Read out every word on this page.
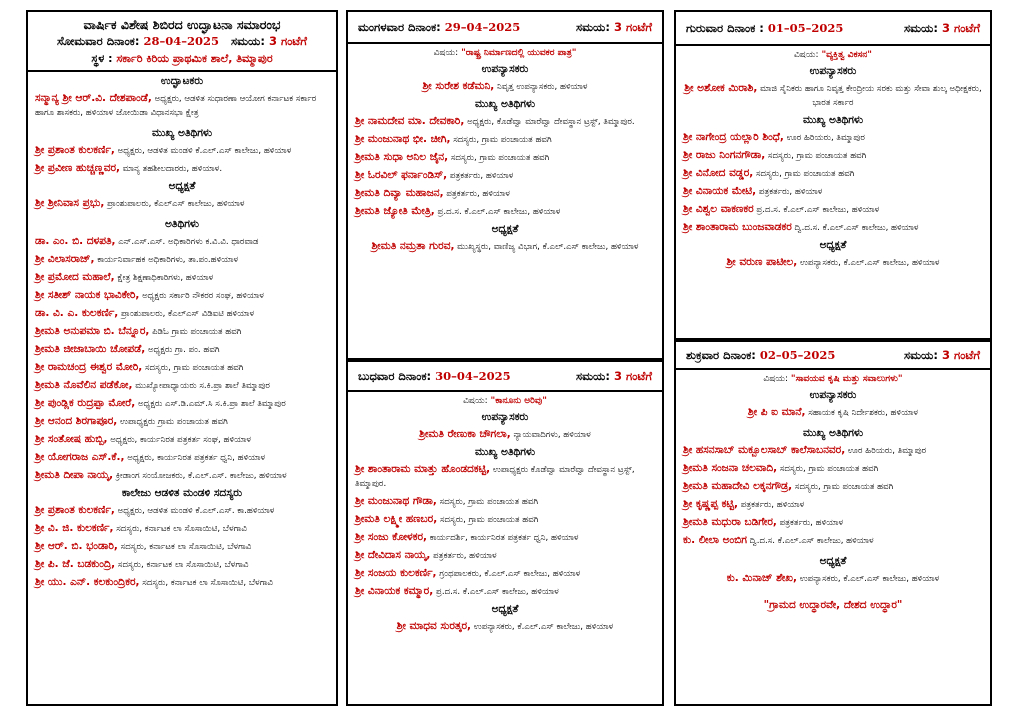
ವಾರ್ಷಿಕ ವಿಶೇಷ ಶಿಬಿರದ ಉದ್ಘಾಟನಾ ಸಮಾರಂಭ
ಸೋಮವಾರ ದಿನಾಂಕ: 28–04–2025 ಸಮಯ: 3 ಗಂಟೆಗೆ
ಸ್ಥಳ : ಸರ್ಕಾರಿ ಕಿರಿಯ ಪ್ರಾಥಮಿಕ ಶಾಲೆ, ತಿಮ್ಮಾಪುರ
ಉದ್ಘಾಟಕರು
ಸನ್ಮಾನ್ಯ ಶ್ರೀ ಆರ್.ವಿ. ದೇಶಪಾಂಡೆ, ಅಧ್ಯಕ್ಷರು, ಆಡಳಿತ ಸುಧಾರಣಾ ಆಯೋಗ ಕರ್ನಾಟಕ ಸರ್ಕಾರ ಹಾಗೂ ಶಾಸಕರು, ಹಳಿಯಾಳ ಜೋಯಿಡಾ ವಿಧಾನಸಭಾ ಕ್ಷೇತ್ರ
ಮುಖ್ಯ ಅತಿಥಿಗಳು
ಶ್ರೀ ಪ್ರಶಾಂತ ಕುಲಕರ್ಣಿ, ಅಧ್ಯಕ್ಷರು, ಆಡಳಿತ ಮಂಡಳಿ ಕೆ.ಎಲ್.ಎಸ್ ಕಾಲೇಜು, ಹಳಿಯಾಳ
ಶ್ರೀ ಪ್ರವೀಣ ಹುಚ್ಚಣ್ಣವರ, ಮಾನ್ಯ ತಹಶೀಲದಾರರು, ಹಳಿಯಾಳ.
ಅಧ್ಯಕ್ಷತೆ
ಶ್ರೀ ಶ್ರೀನಿವಾಸ ಪ್ರಭು, ಪ್ರಾಂಶುಪಾಲರು, ಕೆಎಲ್ಎಸ್ ಕಾಲೇಜು, ಹಳಿಯಾಳ
ಅತಿಥಿಗಳು
ಡಾ. ಎಂ. ಬಿ. ದಳಪತಿ, ಎನ್.ಎಸ್.ಎಸ್. ಅಧಿಕಾರಿಗಳು ಕ.ವಿ.ವಿ. ಧಾರವಾಡ
ಶ್ರೀ ವಿಲಾಸರಾಜ್, ಕಾರ್ಯನಿರ್ವಾಹಕ ಅಧಿಕಾರಿಗಳು, ತಾ.ಪಂ.ಹಳಿಯಾಳ
ಶ್ರೀ ಪ್ರಮೋದ ಮಹಾಲೆ, ಕ್ಷೇತ್ರ ಶಿಕ್ಷಣಾಧಿಕಾರಿಗಳು, ಹಳಿಯಾಳ
ಶ್ರೀ ಸತೀಶ್ ನಾಯಕ ಭಾವಿಕೇರಿ, ಅಧ್ಯಕ್ಷರು ಸರ್ಕಾರಿ ನೌಕರರ ಸಂಘ, ಹಳಿಯಾಳ
ಡಾ. ವಿ. ಎ. ಕುಲಕರ್ಣಿ, ಪ್ರಾಂಶುಪಾಲರು, ಕೆಎಲ್ಎಸ್ ವಿಡಿಐಟಿ ಹಳಿಯಾಳ
ಶ್ರೀಮತಿ ಅನುಪಮಾ ಬಿ. ಬೆನ್ನೂರ, ಪಿಡಿಓ ಗ್ರಾಮ ಪಂಚಾಯತ ಹವಗಿ
ಶ್ರೀಮತಿ ಜೀಜಾಬಾಯಿ ಚೋಪಡೆ, ಅಧ್ಯಕ್ಷರು ಗ್ರಾ. ಪಂ. ಹವಗಿ
ಶ್ರೀ ರಾಮಚಂದ್ರ ಈಶ್ವರ ಮೋರಿ, ಸದಸ್ಯರು, ಗ್ರಾಮ ಪಂಚಾಯತ ಹವಗಿ
ಶ್ರೀಮತಿ ನೊವೆಲಿನ ಪಡೆಕೋ, ಮುಖ್ಯೋಪಾಧ್ಯಾಯರು ಸ.ಕಿ.ಪ್ರಾ ಶಾಲೆ ತಿಮ್ಮಾಪುರ
ಶ್ರೀ ಪುಂಡ್ಲಿಕ ರುದ್ರಪ್ಪಾ ಮೋರೆ, ಅಧ್ಯಕ್ಷರು ಎಸ್.ಡಿ.ಎಮ್.ಸಿ ಸ.ಕಿ.ಪ್ರಾ ಶಾಲೆ ತಿಮ್ಮಾಪುರ
ಶ್ರೀ ಆನಂದ ಶಿರಗಾಪೂರ, ಉಪಾಧ್ಯಕ್ಷರು ಗ್ರಾಮ ಪಂಚಾಯತ ಹವಗಿ
ಶ್ರೀ ಸಂತೋಷ ಹುಬ್ಬಿ, ಅಧ್ಯಕ್ಷರು, ಕಾರ್ಯನಿರತ ಪತ್ರಕರ್ತ ಸಂಘ, ಹಳಿಯಾಳ
ಶ್ರೀ ಯೋಗರಾಜ ಎಸ್.ಕೆ., ಅಧ್ಯಕ್ಷರು, ಕಾರ್ಯನಿರತ ಪತ್ರಕರ್ತ ಧ್ವನಿ, ಹಳಿಯಾಳ
ಶ್ರೀಮತಿ ದೀಪಾ ನಾಯ್ಕ, ಕ್ರೀಡಾಂಗ ಸಂಯೋಜಕರು, ಕೆ.ಎಲ್.ಎಸ್. ಕಾಲೇಜು, ಹಳಿಯಾಳ
ಕಾಲೇಜು ಆಡಳಿತ ಮಂಡಳಿ ಸದಸ್ಯರು
ಶ್ರೀ ಪ್ರಶಾಂತ ಕುಲಕರ್ಣಿ, ಅಧ್ಯಕ್ಷರು, ಆಡಳಿತ ಮಂಡಳಿ ಕೆ.ಎಲ್.ಎಸ್. ಕಾ.ಹಳಿಯಾಳ
ಶ್ರೀ ವಿ. ಜಿ. ಕುಲಕರ್ಣಿ, ಸದಸ್ಯರು, ಕರ್ನಾಟಕ ಲಾ ಸೊಸಾಯಿಟಿ, ಬೆಳಗಾವಿ
ಶ್ರೀ ಆರ್. ಬಿ. ಭಂಡಾರಿ, ಸದಸ್ಯರು, ಕರ್ನಾಟಕ ಲಾ ಸೊಸಾಯಿಟಿ, ಬೆಳಗಾವಿ
ಶ್ರೀ ಪಿ. ಜೆ. ಬಡಕುಂದ್ರಿ, ಸದಸ್ಯರು, ಕರ್ನಾಟಕ ಲಾ ಸೊಸಾಯಿಟಿ, ಬೆಳಗಾವಿ
ಶ್ರೀ ಯು. ಎನ್. ಕಲಕುಂದ್ರಿಕರ, ಸದಸ್ಯರು, ಕರ್ನಾಟಕ ಲಾ ಸೊಸಾಯಿಟಿ, ಬೆಳಗಾವಿ
ಮಂಗಳವಾರ ದಿನಾಂಕ: 29–04–2025	ಸಮಯ: 3 ಗಂಟೆಗೆ
ವಿಷಯ: "ರಾಷ್ಟ್ರ ನಿರ್ಮಾಣದಲ್ಲಿ ಯುವಕರ ಪಾತ್ರ"
ಉಪನ್ಯಾಸಕರು
ಶ್ರೀ ಸುರೇಶ ಕಡೆಮನಿ, ನಿವೃತ್ತ ಉಪನ್ಯಾಸಕರು, ಹಳಿಯಾಳ
ಮುಖ್ಯ ಅತಿಥಿಗಳು
ಶ್ರೀ ನಾಮದೇವ ಮಾ. ದೇವಕಾರಿ, ಅಧ್ಯಕ್ಷರು, ಕೊಡೆವ್ವಾ ಮಾರೆವ್ವಾ ದೇವಸ್ಥಾನ ಟ್ರಸ್ಟ್, ತಿಮ್ಮಾಪುರ.
ಶ್ರೀ ಮಂಜುನಾಥ ಭೀ. ಚೀಗಿ, ಸದಸ್ಯರು, ಗ್ರಾಮ ಪಂಚಾಯತ ಹವಗಿ
ಶ್ರೀಮತಿ ಸುಧಾ ಅನಿಲ ಜೈನ, ಸದಸ್ಯರು, ಗ್ರಾಮ ಪಂಚಾಯತ ಹವಗಿ
ಶ್ರೀ ಓರವಿಲ್ ಫರ್ನಾಂಡಿಸ್, ಪತ್ರಕರ್ತರು, ಹಳಿಯಾಳ
ಶ್ರೀಮತಿ ದಿವ್ಯಾ ಮಹಾಜನ, ಪತ್ರಕರ್ತರು, ಹಳಿಯಾಳ
ಶ್ರೀಮತಿ ಜ್ಯೋತಿ ಮೇತ್ರಿ, ಪ್ರ.ದ.ಸ. ಕೆ.ಎಲ್.ಎಸ್ ಕಾಲೇಜು, ಹಳಿಯಾಳ
ಅಧ್ಯಕ್ಷತೆ
ಶ್ರೀಮತಿ ನಮ್ರತಾ ಗುರವ, ಮುಖ್ಯಸ್ಥರು, ವಾಣಿಜ್ಯ ವಿಭಾಗ, ಕೆ.ಎಲ್.ಎಸ್ ಕಾಲೇಜು, ಹಳಿಯಾಳ
ಬುಧವಾರ ದಿನಾಂಕ: 30–04–2025	ಸಮಯ: 3 ಗಂಟೆಗೆ
ವಿಷಯ: "ಕಾನೂನು ಅರಿವು"
ಉಪನ್ಯಾಸಕರು
ಶ್ರೀಮತಿ ರೇಣುಕಾ ಚೌಗಲಾ, ನ್ಯಾಯವಾದಿಗಳು, ಹಳಿಯಾಳ
ಮುಖ್ಯ ಅತಿಥಿಗಳು
ಶ್ರೀ ಶಾಂತಾರಾಮ ಮಾತ್ತು ಹೊಂಡದಕಟ್ಟಿ, ಉಪಾಧ್ಯಕ್ಷರು ಕೊಡೆವ್ವಾ ಮಾರೆವ್ವಾ ದೇವಸ್ಥಾನ ಟ್ರಸ್ಟ್, ತಿಮ್ಮಾಪುರ.
ಶ್ರೀ ಮಂಜುನಾಥ ಗೌಡಾ, ಸದಸ್ಯರು, ಗ್ರಾಮ ಪಂಚಾಯತ ಹವಗಿ
ಶ್ರೀಮತಿ ಲಕ್ಷ್ಮೀ ಹಣಬರ, ಸದಸ್ಯರು, ಗ್ರಾಮ ಪಂಚಾಯತ ಹವಗಿ
ಶ್ರೀ ಸಂಜು ಕೋಳಕರ, ಕಾರ್ಯದರ್ಶಿ, ಕಾರ್ಯನಿರತ ಪತ್ರಕರ್ತ ಧ್ವನಿ, ಹಳಿಯಾಳ
ಶ್ರೀ ದೇವಿದಾಸ ನಾಯ್ಕ, ಪತ್ರಕರ್ತರು, ಹಳಿಯಾಳ
ಶ್ರೀ ಸಂಜಯ ಕುಲಕರ್ಣಿ, ಗ್ರಂಥಪಾಲಕರು, ಕೆ.ಎಲ್.ಎಸ್ ಕಾಲೇಜು, ಹಳಿಯಾಳ
ಶ್ರೀ ವಿನಾಯಕ ಕಮ್ಮಾರ, ಪ್ರ.ದ.ಸ. ಕೆ.ಎಲ್.ಎಸ್ ಕಾಲೇಜು, ಹಳಿಯಾಳ
ಅಧ್ಯಕ್ಷತೆ
ಶ್ರೀ ಮಾಧವ ಸುರತ್ಕರ, ಉಪನ್ಯಾಸಕರು, ಕೆ.ಎಲ್.ಎಸ್ ಕಾಲೇಜು, ಹಳಿಯಾಳ
ಗುರುವಾರ ದಿನಾಂಕ : 01–05–2025	ಸಮಯ: 3 ಗಂಟೆಗೆ
ವಿಷಯ: "ವ್ಯಕ್ತಿತ್ವ ವಿಕಸನ"
ಉಪನ್ಯಾಸಕರು
ಶ್ರೀ ಅಶೋಕ ಮಿರಾಶಿ, ಮಾಜಿ ಸೈನಿಕರು ಹಾಗೂ ನಿವೃತ್ತ ಕೇಂದ್ರೀಯ ಸರಕು ಮತ್ತು ಸೇವಾ ಶುಲ್ಕ ಅಧೀಕ್ಷಕರು, ಭಾರತ ಸರ್ಕಾರ
ಮುಖ್ಯ ಅತಿಥಿಗಳು
ಶ್ರೀ ನಾಗೇಂದ್ರ ಯಲ್ಲಾರಿ ಶಿಂಧೆ, ಊರ ಹಿರಿಯರು, ತಿಮ್ಮಾಪುರ
ಶ್ರೀ ರಾಜು ನಿಂಗನಗೌಡಾ, ಸದಸ್ಯರು, ಗ್ರಾಮ ಪಂಚಾಯತ ಹವಗಿ
ಶ್ರೀ ವಿನೋದ ವಡ್ಡರ, ಸದಸ್ಯರು, ಗ್ರಾಮ ಪಂಚಾಯತ ಹವಗಿ
ಶ್ರೀ ವಿನಾಯಕ ಮೇಟಿ, ಪತ್ರಕರ್ತರು, ಹಳಿಯಾಳ
ಶ್ರೀ ವಿಶ್ವಲ ವಾಕಣಕರ ಪ್ರ.ದ.ಸ. ಕೆ.ಎಲ್.ಎಸ್ ಕಾಲೇಜು, ಹಳಿಯಾಳ
ಶ್ರೀ ಶಾಂತಾರಾಮ ಬುಂಜವಾಡಕರ ದ್ವಿ.ದ.ಸ. ಕೆ.ಎಲ್.ಎಸ್ ಕಾಲೇಜು, ಹಳಿಯಾಳ
ಅಧ್ಯಕ್ಷತೆ
ಶ್ರೀ ವರುಣ ಪಾಟೀಲ, ಉಪನ್ಯಾಸಕರು, ಕೆ.ಎಲ್.ಎಸ್ ಕಾಲೇಜು, ಹಳಿಯಾಳ
ಶುಕ್ರವಾರ ದಿನಾಂಕ: 02–05–2025	ಸಮಯ: 3 ಗಂಟೆಗೆ
ವಿಷಯ: "ಸಾವಯವ ಕೃಷಿ ಮತ್ತು ಸವಾಲುಗಳು"
ಉಪನ್ಯಾಸಕರು
ಶ್ರೀ ಪಿ ಐ ಮಾನೆ, ಸಹಾಯಕ ಕೃಷಿ ನಿರ್ದೇಶಕರು, ಹಳಿಯಾಳ
ಮುಖ್ಯ ಅತಿಥಿಗಳು
ಶ್ರೀ ಹಸನಸಾಬ್ ಮಕ್ಬೂಲಸಾಬ್ ಕಾಲೆಸಾಬನವರ, ಊರ ಹಿರಿಯರು, ತಿಮ್ಮಾಪುರ
ಶ್ರೀಮತಿ ಸಂಜನಾ ಚಲವಾದಿ, ಸದಸ್ಯರು, ಗ್ರಾಮ ಪಂಚಾಯತ ಹವಗಿ
ಶ್ರೀಮತಿ ಮಹಾದೇವಿ ಲಕ್ಕನಗೌಡ್ರ, ಸದಸ್ಯರು, ಗ್ರಾಮ ಪಂಚಾಯತ ಹವಗಿ
ಶ್ರೀ ಕೃಷ್ಣಪ್ಪ ಕಟ್ಟಿ, ಪತ್ರಕರ್ತರು, ಹಳಿಯಾಳ
ಶ್ರೀಮತಿ ಮಧುರಾ ಬಡಿಗೇರ, ಪತ್ರಕರ್ತರು, ಹಳಿಯಾಳ
ಕು. ಲೀಲಾ ಅಂಬಿಗ ದ್ವಿ.ದ.ಸ. ಕೆ.ಎಲ್.ಎಸ್ ಕಾಲೇಜು, ಹಳಿಯಾಳ
ಅಧ್ಯಕ್ಷತೆ
ಕು. ಮಿನಾಜ್ ಶೇಖ, ಉಪನ್ಯಾಸಕರು, ಕೆ.ಎಲ್.ಎಸ್ ಕಾಲೇಜು, ಹಳಿಯಾಳ
"ಗ್ರಾಮದ ಉದ್ಧಾರವೇ, ದೇಶದ ಉದ್ಧಾರ"
